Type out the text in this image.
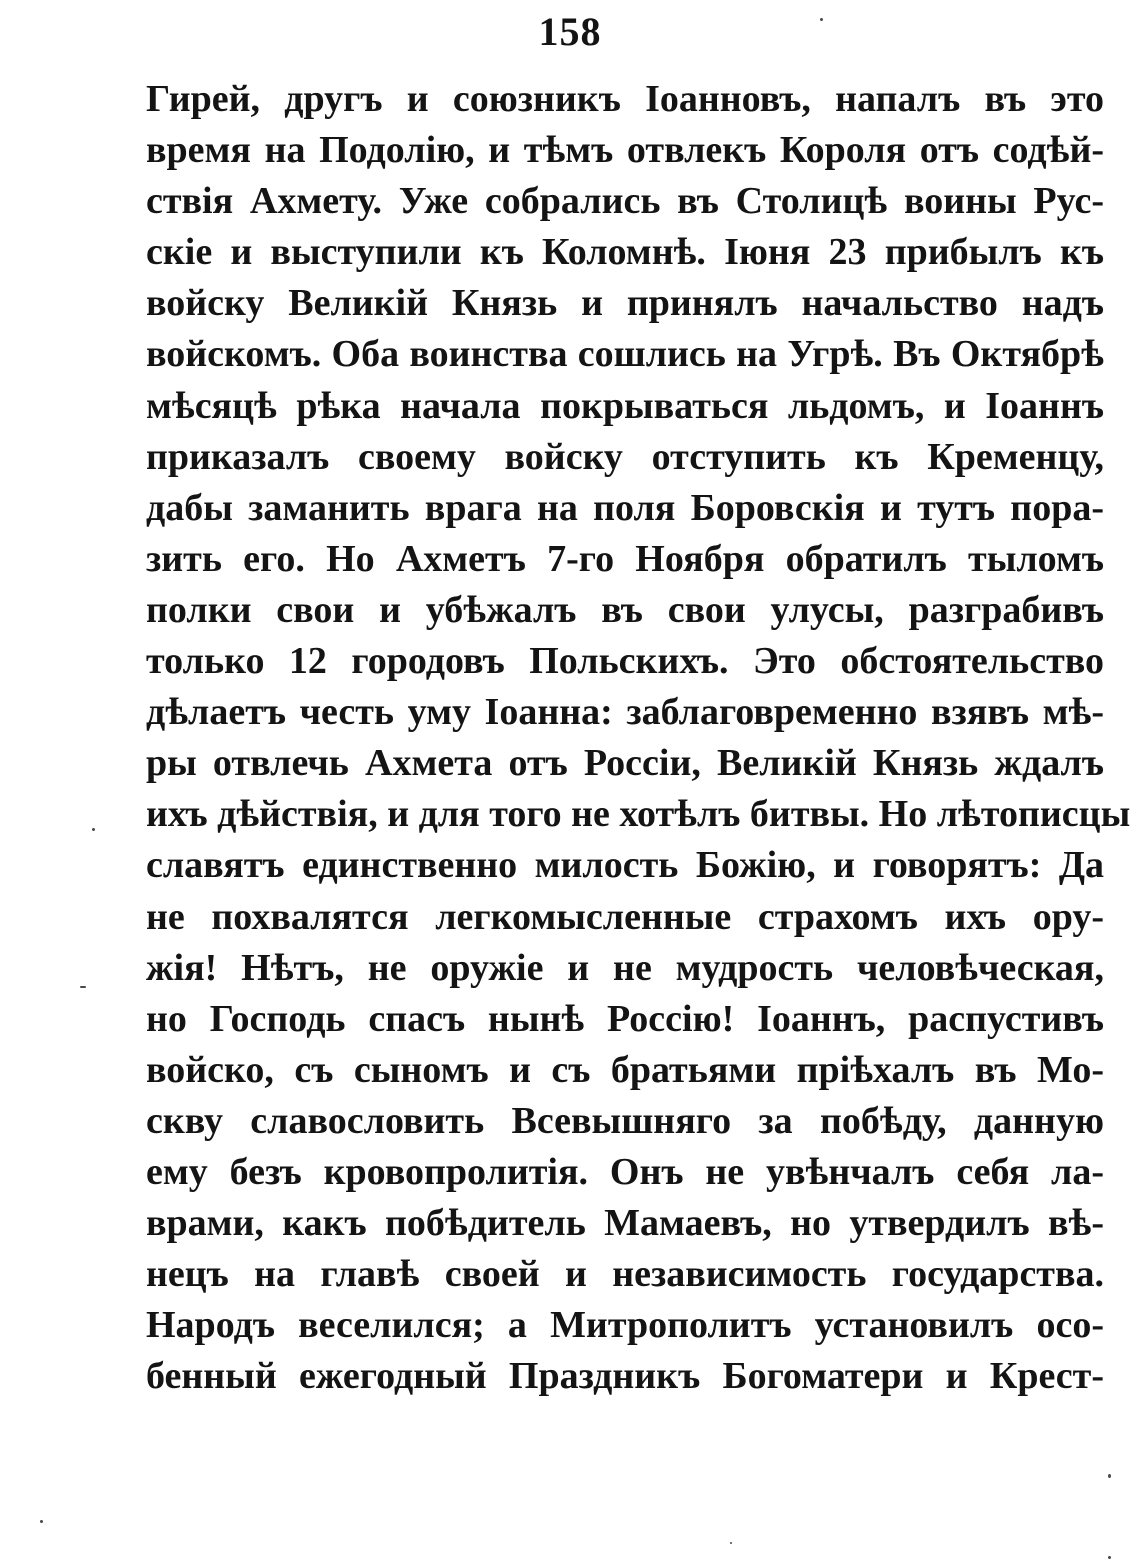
158
Гирей, другъ и союзникъ Іоанновъ, напалъ въ это
время на Подолію, и тѣмъ отвлекъ Короля отъ содѣй-
ствія Ахмету. Уже собрались въ Столицѣ воины Рус-
скіе и выступили къ Коломнѣ. Іюня 23 прибылъ къ
войску Великій Князь и принялъ начальство надъ
войскомъ. Оба воинства сошлись на Угрѣ. Въ Октябрѣ
мѣсяцѣ рѣка начала покрываться льдомъ, и Іоаннъ
приказалъ своему войску отступить къ Кременцу,
дабы заманить врага на поля Боровскія и тутъ пора-
зить его. Но Ахметъ 7-го Ноября обратилъ тыломъ
полки свои и убѣжалъ въ свои улусы, разграбивъ
только 12 городовъ Польскихъ. Это обстоятельство
дѣлаетъ честь уму Іоанна: заблаговременно взявъ мѣ-
ры отвлечь Ахмета отъ Россіи, Великій Князь ждалъ
ихъ дѣйствія, и для того не хотѣлъ битвы. Но лѣтописцы
славятъ единственно милость Божію, и говорятъ: Да
не похвалятся легкомысленные страхомъ ихъ ору-
жія! Нѣтъ, не оружіе и не мудрость человѣческая,
но Господь спасъ нынѣ Россію! Іоаннъ, распустивъ
войско, съ сыномъ и съ братьями пріѣхалъ въ Мо-
скву славословить Всевышняго за побѣду, данную
ему безъ кровопролитія. Онъ не увѣнчалъ себя ла-
врами, какъ побѣдитель Мамаевъ, но утвердилъ вѣ-
нецъ на главѣ своей и независимость государства.
Народъ веселился; а Митрополитъ установилъ осо-
бенный ежегодный Праздникъ Богоматери и Крест-
